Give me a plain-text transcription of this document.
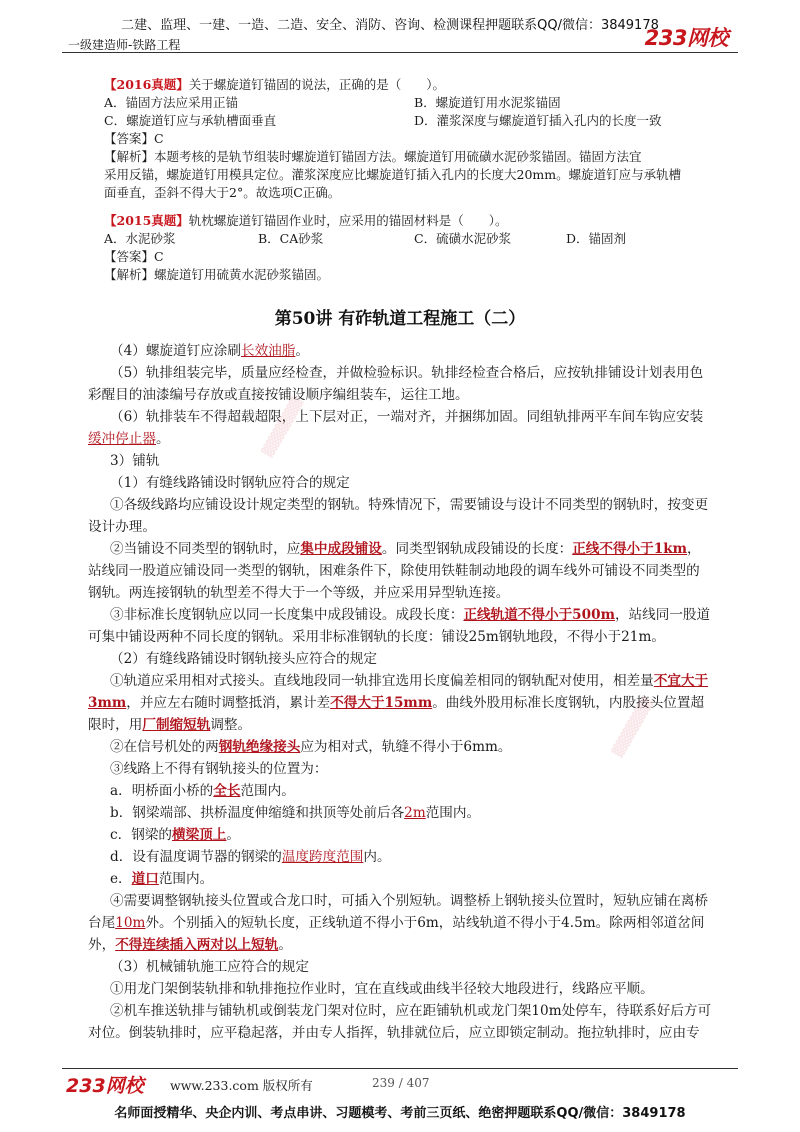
二建、监理、一建、一造、二造、安全、消防、咨询、检测课程押题联系QQ/微信：3849178
一级建造师-铁路工程	233网校
【2016真题】关于螺旋道钉锚固的说法，正确的是（　　）。
A．锚固方法应采用正锚	B．螺旋道钉用水泥浆锚固
C．螺旋道钉应与承轨槽面垂直	D．灌浆深度与螺旋道钉插入孔内的长度一致
【答案】C
【解析】本题考核的是轨节组装时螺旋道钉锚固方法。螺旋道钉用硫磺水泥砂浆锚固。锚固方法宜
采用反锚，螺旋道钉用模具定位。灌浆深度应比螺旋道钉插入孔内的长度大20mm。螺旋道钉应与承轨槽
面垂直，歪斜不得大于2°。故选项C正确。
【2015真题】轨枕螺旋道钉锚固作业时，应采用的锚固材料是（　　）。
A．水泥砂浆	B．CA砂浆	C．硫磺水泥砂浆	D．锚固剂
【答案】C
【解析】螺旋道钉用硫黄水泥砂浆锚固。
第50讲 有砟轨道工程施工（二）
（4）螺旋道钉应涂刷长效油脂。
（5）轨排组装完毕，质量应经检查，并做检验标识。轨排经检查合格后，应按轨排铺设计划表用色彩醒目的油漆编号存放或直接按铺设顺序编组装车，运往工地。
（6）轨排装车不得超载超限，上下层对正，一端对齐，并捆绑加固。同组轨排两平车间车钩应安装缓冲停止器。
3）铺轨
（1）有缝线路铺设时钢轨应符合的规定
①各级线路均应铺设设计规定类型的钢轨。特殊情况下，需要铺设与设计不同类型的钢轨时，按变更设计办理。
②当铺设不同类型的钢轨时，应集中成段铺设。同类型钢轨成段铺设的长度：正线不得小于1km，站线同一股道应铺设同一类型的钢轨，困难条件下，除使用铁鞋制动地段的调车线外可铺设不同类型的钢轨。两连接钢轨的轨型差不得大于一个等级，并应采用异型轨连接。
③非标准长度钢轨应以同一长度集中成段铺设。成段长度：正线轨道不得小于500m，站线同一股道可集中铺设两种不同长度的钢轨。采用非标准钢轨的长度：铺设25m钢轨地段，不得小于21m。
（2）有缝线路铺设时钢轨接头应符合的规定
①轨道应采用相对式接头。直线地段同一轨排宜选用长度偏差相同的钢轨配对使用，相差量不宜大于3mm，并应左右随时调整抵消，累计差不得大于15mm。曲线外股用标准长度钢轨，内股接头位置超限时，用厂制缩短轨调整。
②在信号机处的两钢轨绝缘接头应为相对式，轨缝不得小于6mm。
③线路上不得有钢轨接头的位置为：
a．明桥面小桥的全长范围内。
b．钢梁端部、拱桥温度伸缩缝和拱顶等处前后各2m范围内。
c．钢梁的横梁顶上。
d．设有温度调节器的钢梁的温度跨度范围内。
e．道口范围内。
④需要调整钢轨接头位置或合龙口时，可插入个别短轨。调整桥上钢轨接头位置时，短轨应铺在离桥台尾10m外。个别插入的短轨长度，正线轨道不得小于6m，站线轨道不得小于4.5m。除两相邻道岔间外，不得连续插入两对以上短轨。
（3）机械铺轨施工应符合的规定
①用龙门架倒装轨排和轨排拖拉作业时，宜在直线或曲线半径较大地段进行，线路应平顺。
②机车推送轨排与铺轨机或倒装龙门架对位时，应在距铺轨机或龙门架10m处停车，待联系好后方可对位。倒装轨排时，应平稳起落，并由专人指挥，轨排就位后，应立即锁定制动。拖拉轨排时，应由专
▓▓▓▓▓▓▓
▓▓▓▓▓▓▓
233网校 www.233.com 版权所有	239 / 407
名师面授精华、央企内训、考点串讲、习题模考、考前三页纸、绝密押题联系QQ/微信：3849178
